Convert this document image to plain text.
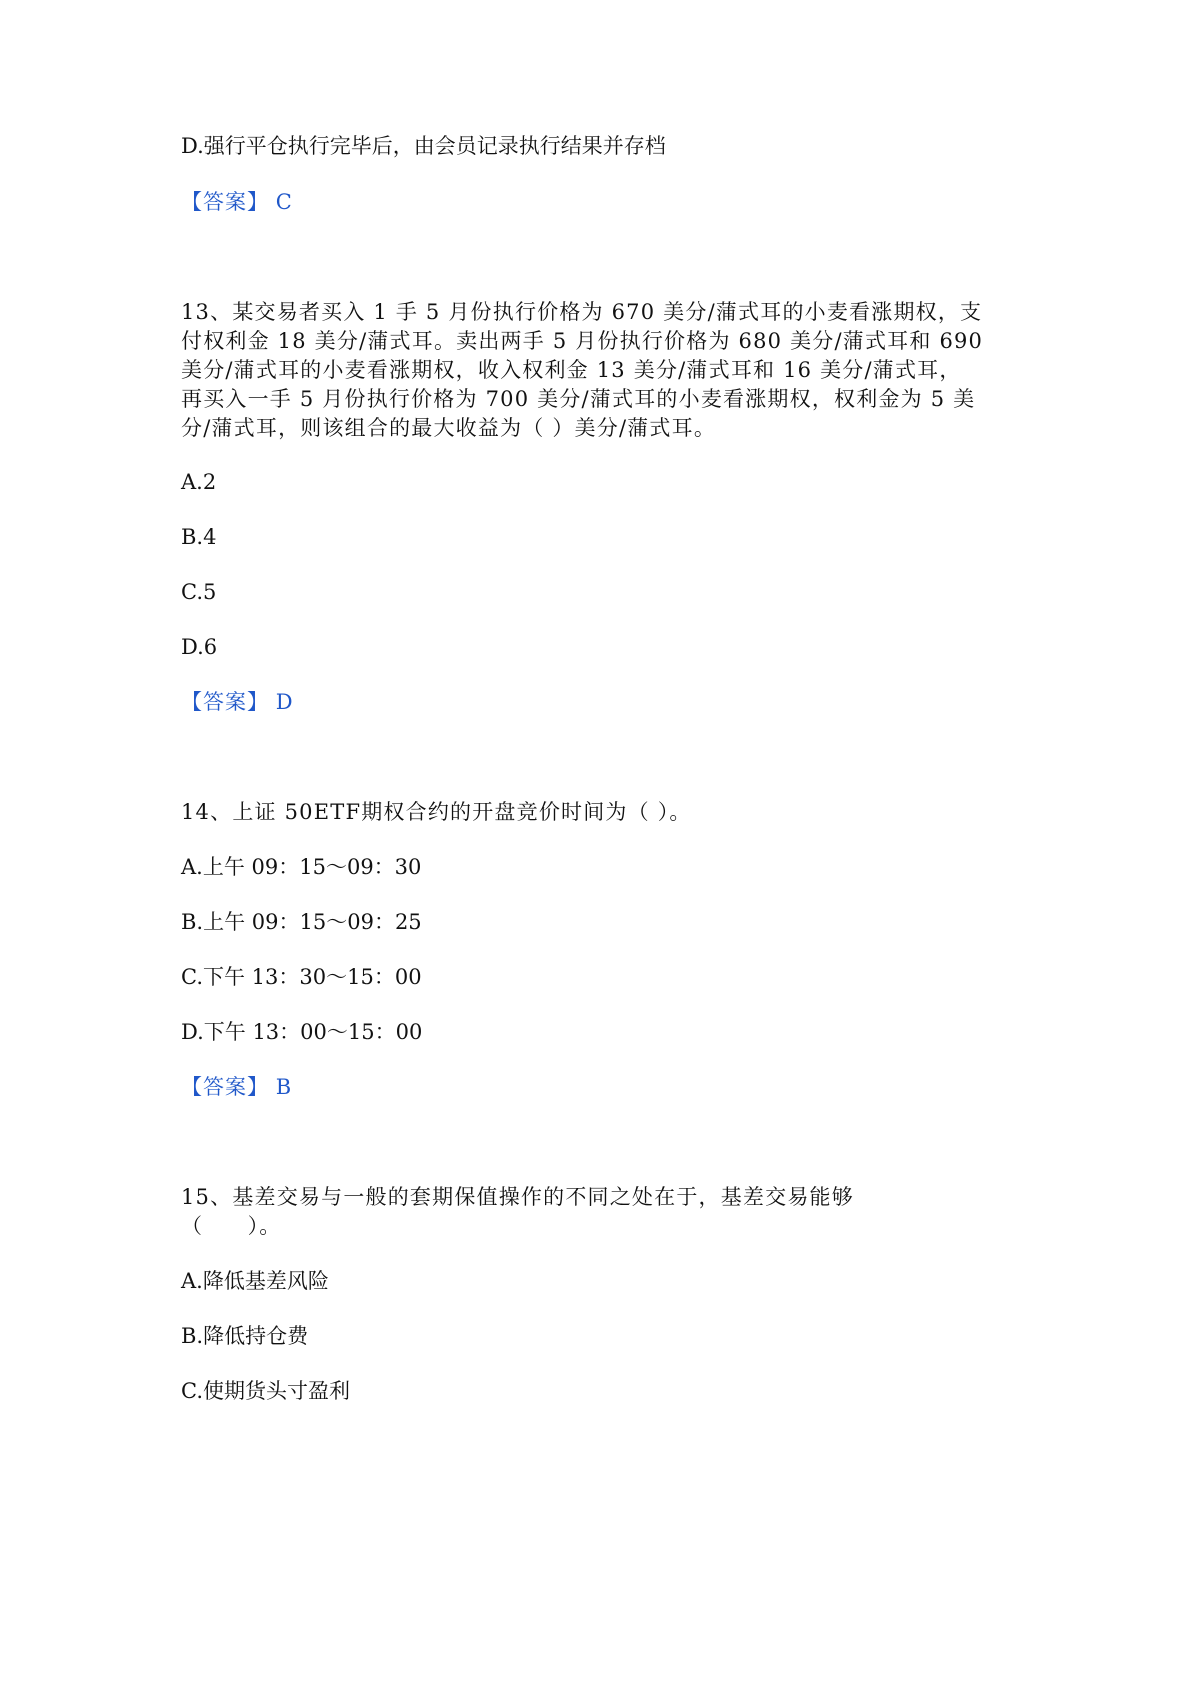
D.强行平仓执行完毕后，由会员记录执行结果并存档

【答案】 C

13、某交易者买入 1 手 5 月份执行价格为 670 美分/蒲式耳的小麦看涨期权，支

付权利金 18 美分/蒲式耳。卖出两手 5 月份执行价格为 680 美分/蒲式耳和 690

美分/蒲式耳的小麦看涨期权，收入权利金 13 美分/蒲式耳和 16 美分/蒲式耳，

再买入一手 5 月份执行价格为 700 美分/蒲式耳的小麦看涨期权，权利金为 5 美

分/蒲式耳，则该组合的最大收益为（ ）美分/蒲式耳。

A.2

B.4

C.5

D.6

【答案】 D

14、上证 50ETF期权合约的开盘竞价时间为（ ）。

A.上午 09：15～09：30

B.上午 09：15～09：25

C.下午 13：30～15：00

D.下午 13：00～15：00

【答案】 B

15、基差交易与一般的套期保值操作的不同之处在于，基差交易能够

（　　）。

A.降低基差风险

B.降低持仓费

C.使期货头寸盈利
